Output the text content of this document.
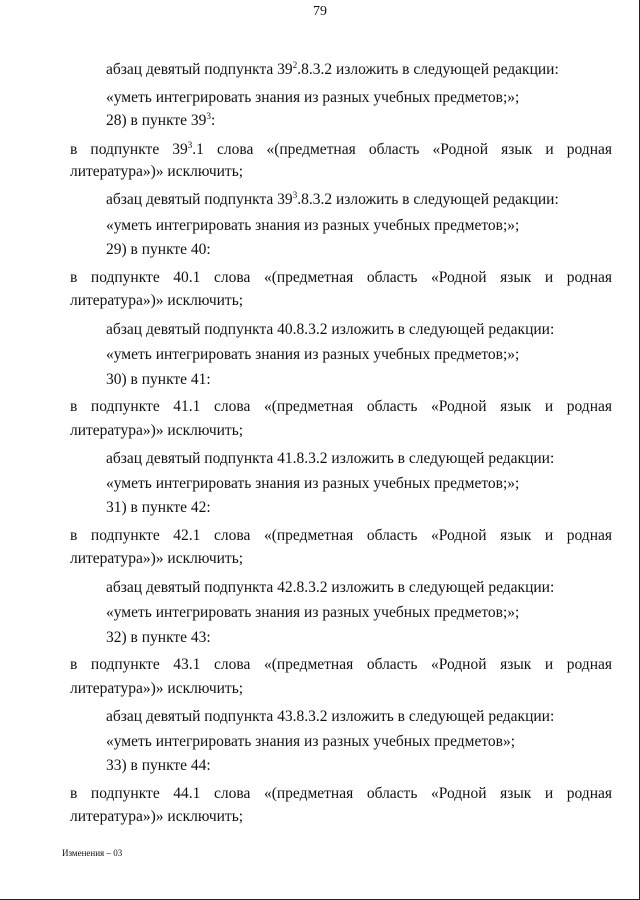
79
абзац девятый подпункта $39^2.8.3.2$ изложить в следующей редакции:
«уметь интегрировать знания из разных учебных предметов;»;
28) в пункте $39^3$:
в подпункте $39^3.1$ слова «(предметная область «Родной язык и родная
литература»)» исключить;
абзац девятый подпункта $39^3.8.3.2$ изложить в следующей редакции:
«уметь интегрировать знания из разных учебных предметов;»;
29) в пункте 40:
в подпункте 40.1 слова «(предметная область «Родной язык и родная
литература»)» исключить;
абзац девятый подпункта 40.8.3.2 изложить в следующей редакции:
«уметь интегрировать знания из разных учебных предметов;»;
30) в пункте 41:
в подпункте 41.1 слова «(предметная область «Родной язык и родная
литература»)» исключить;
абзац девятый подпункта 41.8.3.2 изложить в следующей редакции:
«уметь интегрировать знания из разных учебных предметов;»;
31) в пункте 42:
в подпункте 42.1 слова «(предметная область «Родной язык и родная
литература»)» исключить;
абзац девятый подпункта 42.8.3.2 изложить в следующей редакции:
«уметь интегрировать знания из разных учебных предметов;»;
32) в пункте 43:
в подпункте 43.1 слова «(предметная область «Родной язык и родная
литература»)» исключить;
абзац девятый подпункта 43.8.3.2 изложить в следующей редакции:
«уметь интегрировать знания из разных учебных предметов»;
33) в пункте 44:
в подпункте 44.1 слова «(предметная область «Родной язык и родная
литература»)» исключить;
Изменения – 03
